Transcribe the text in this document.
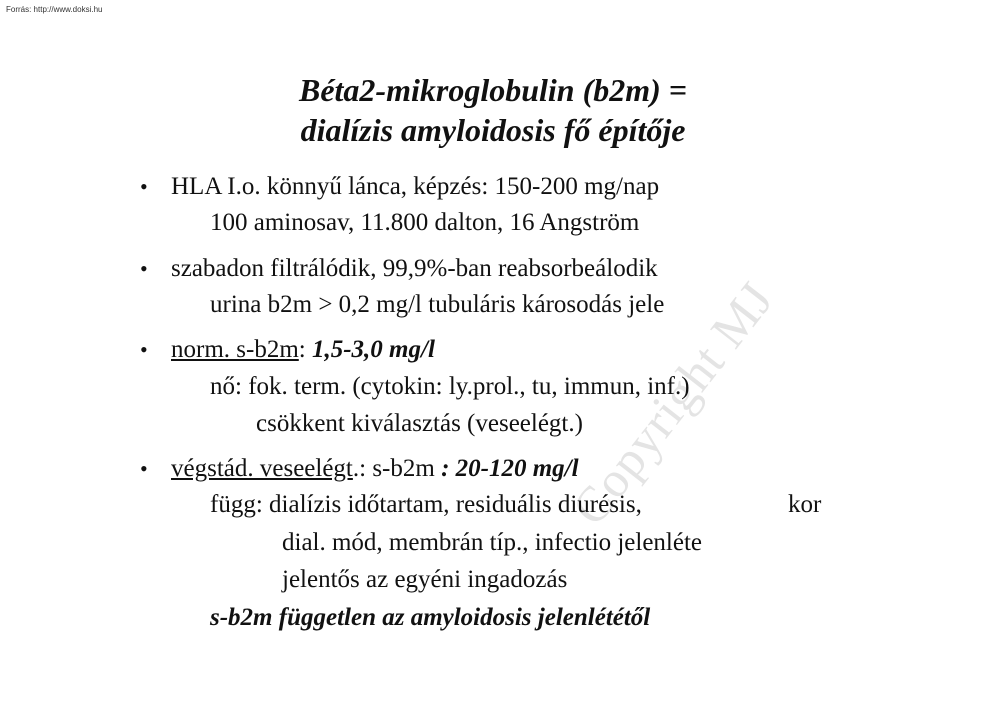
Forrás: http://www.doksi.hu
Copyright MJ
Béta2-mikroglobulin (b2m) =
dialízis amyloidosis fő építője
• HLA I.o. könnyű lánca, képzés: 150-200 mg/nap
100 aminosav, 11.800 dalton, 16 Angström
• szabadon filtrálódik, 99,9%-ban reabsorbeálodik
urina b2m > 0,2 mg/l tubuláris károsodás jele
• norm. s-b2m: 1,5-3,0 mg/l
nő: fok. term. (cytokin: ly.prol., tu, immun, inf.)
csökkent kiválasztás (veseelégt.)
• végstád. veseelégt.: s-b2m : 20-120 mg/l
függ: dialízis időtartam, residuális diurésis,	kor
dial. mód, membrán típ., infectio jelenléte
jelentős az egyéni ingadozás
s-b2m független az amyloidosis jelenlététől
